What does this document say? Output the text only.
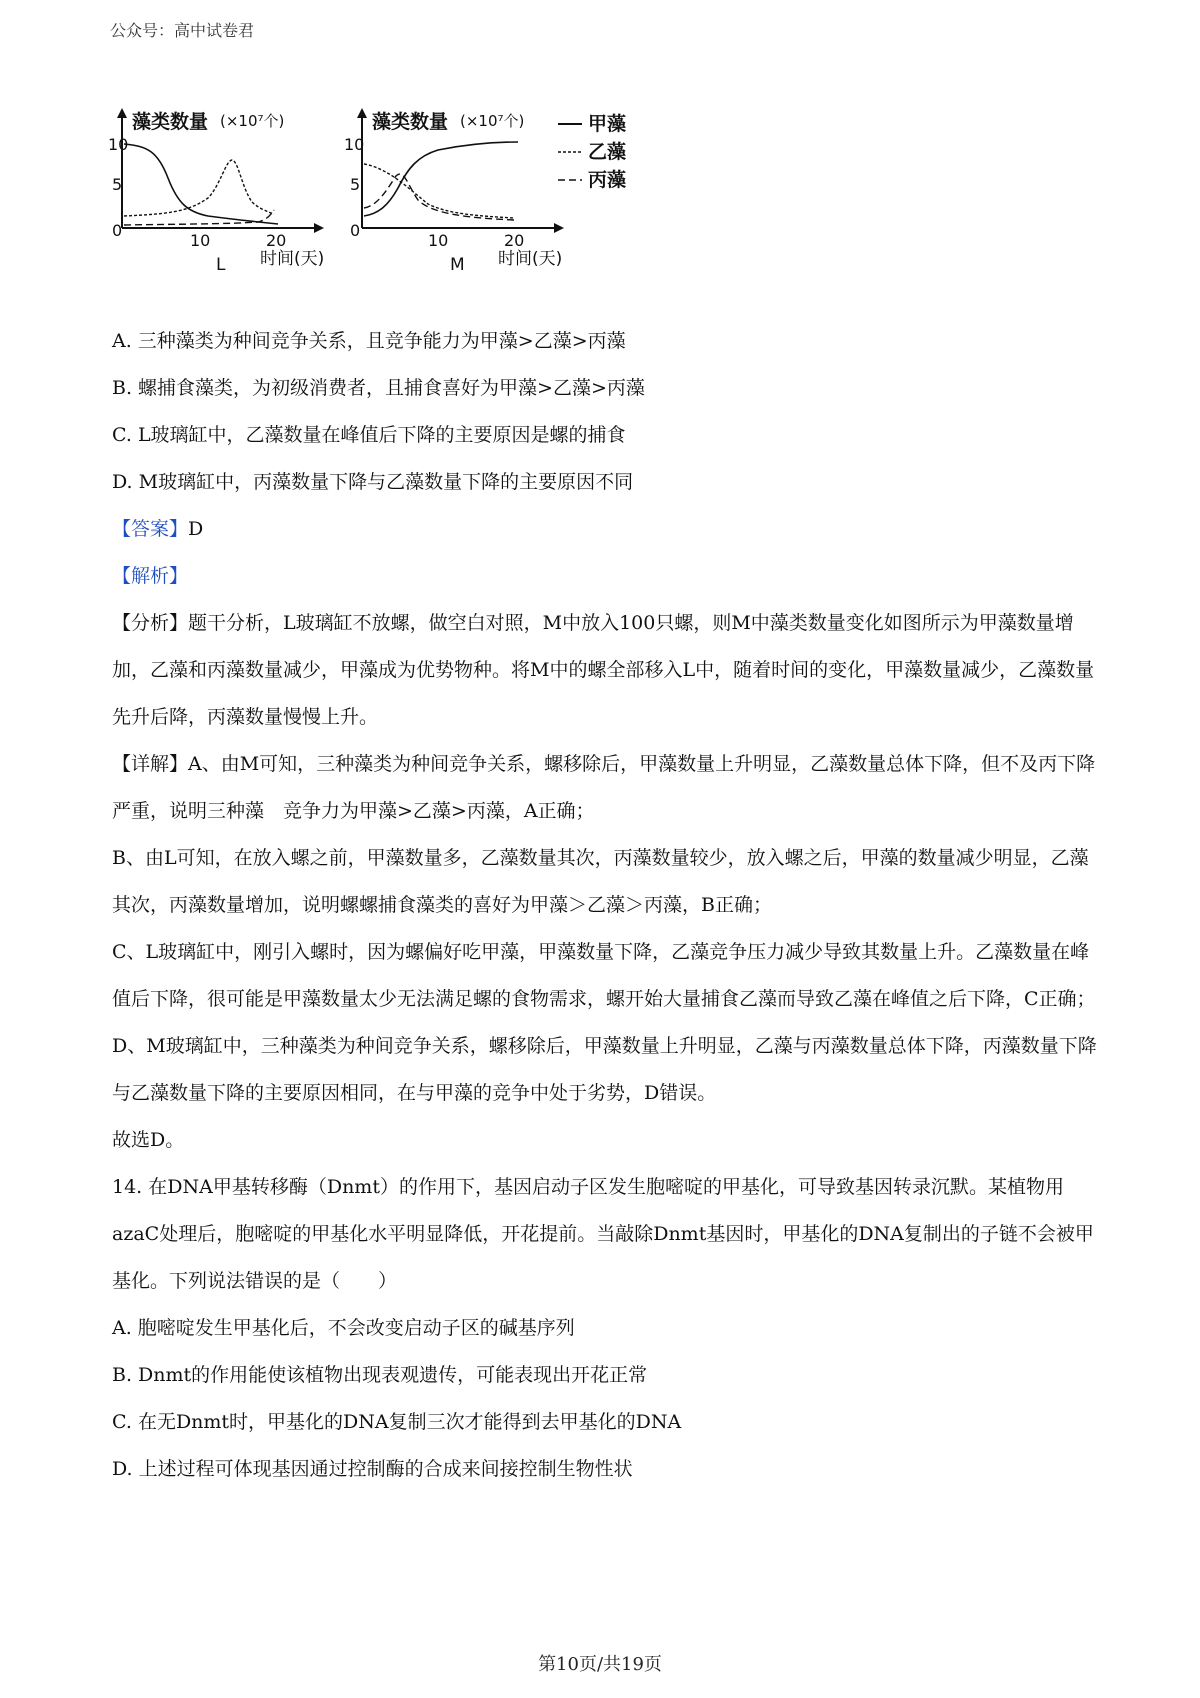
公众号：高中试卷君
藻类数量 (×10⁷个)
10
5
0
10	20
时间(天)
L
藻类数量 (×10⁷个)
10
5
0
10	20
时间(天)
M
甲藻
乙藻
丙藻

A. 三种藻类为种间竞争关系，且竞争能力为甲藻>乙藻>丙藻

B. 螺捕食藻类，为初级消费者，且捕食喜好为甲藻>乙藻>丙藻

C. L玻璃缸中，乙藻数量在峰值后下降的主要原因是螺的捕食

D. M玻璃缸中，丙藻数量下降与乙藻数量下降的主要原因不同

【答案】D

【解析】

【分析】题干分析，L玻璃缸不放螺，做空白对照，M中放入100只螺，则M中藻类数量变化如图所示为甲藻数量增加，乙藻和丙藻数量减少，甲藻成为优势物种。将M中的螺全部移入L中，随着时间的变化，甲藻数量减少，乙藻数量先升后降，丙藻数量慢慢上升。

【详解】A、由M可知，三种藻类为种间竞争关系，螺移除后，甲藻数量上升明显，乙藻数量总体下降，但不及丙下降严重，说明三种藻　竞争力为甲藻>乙藻>丙藻，A正确；

B、由L可知，在放入螺之前，甲藻数量多，乙藻数量其次，丙藻数量较少，放入螺之后，甲藻的数量减少明显，乙藻其次，丙藻数量增加，说明螺螺捕食藻类的喜好为甲藻＞乙藻＞丙藻，B正确；

C、L玻璃缸中，刚引入螺时，因为螺偏好吃甲藻，甲藻数量下降，乙藻竞争压力减少导致其数量上升。乙藻数量在峰值后下降，很可能是甲藻数量太少无法满足螺的食物需求，螺开始大量捕食乙藻而导致乙藻在峰值之后下降，C正确；

D、M玻璃缸中，三种藻类为种间竞争关系，螺移除后，甲藻数量上升明显，乙藻与丙藻数量总体下降，丙藻数量下降与乙藻数量下降的主要原因相同，在与甲藻的竞争中处于劣势，D错误。

故选D。

14. 在DNA甲基转移酶（Dnmt）的作用下，基因启动子区发生胞嘧啶的甲基化，可导致基因转录沉默。某植物用azaC处理后，胞嘧啶的甲基化水平明显降低，开花提前。当敲除Dnmt基因时，甲基化的DNA复制出的子链不会被甲基化。下列说法错误的是（　　）

A. 胞嘧啶发生甲基化后，不会改变启动子区的碱基序列

B. Dnmt的作用能使该植物出现表观遗传，可能表现出开花正常

C. 在无Dnmt时，甲基化的DNA复制三次才能得到去甲基化的DNA

D. 上述过程可体现基因通过控制酶的合成来间接控制生物性状

第10页/共19页
